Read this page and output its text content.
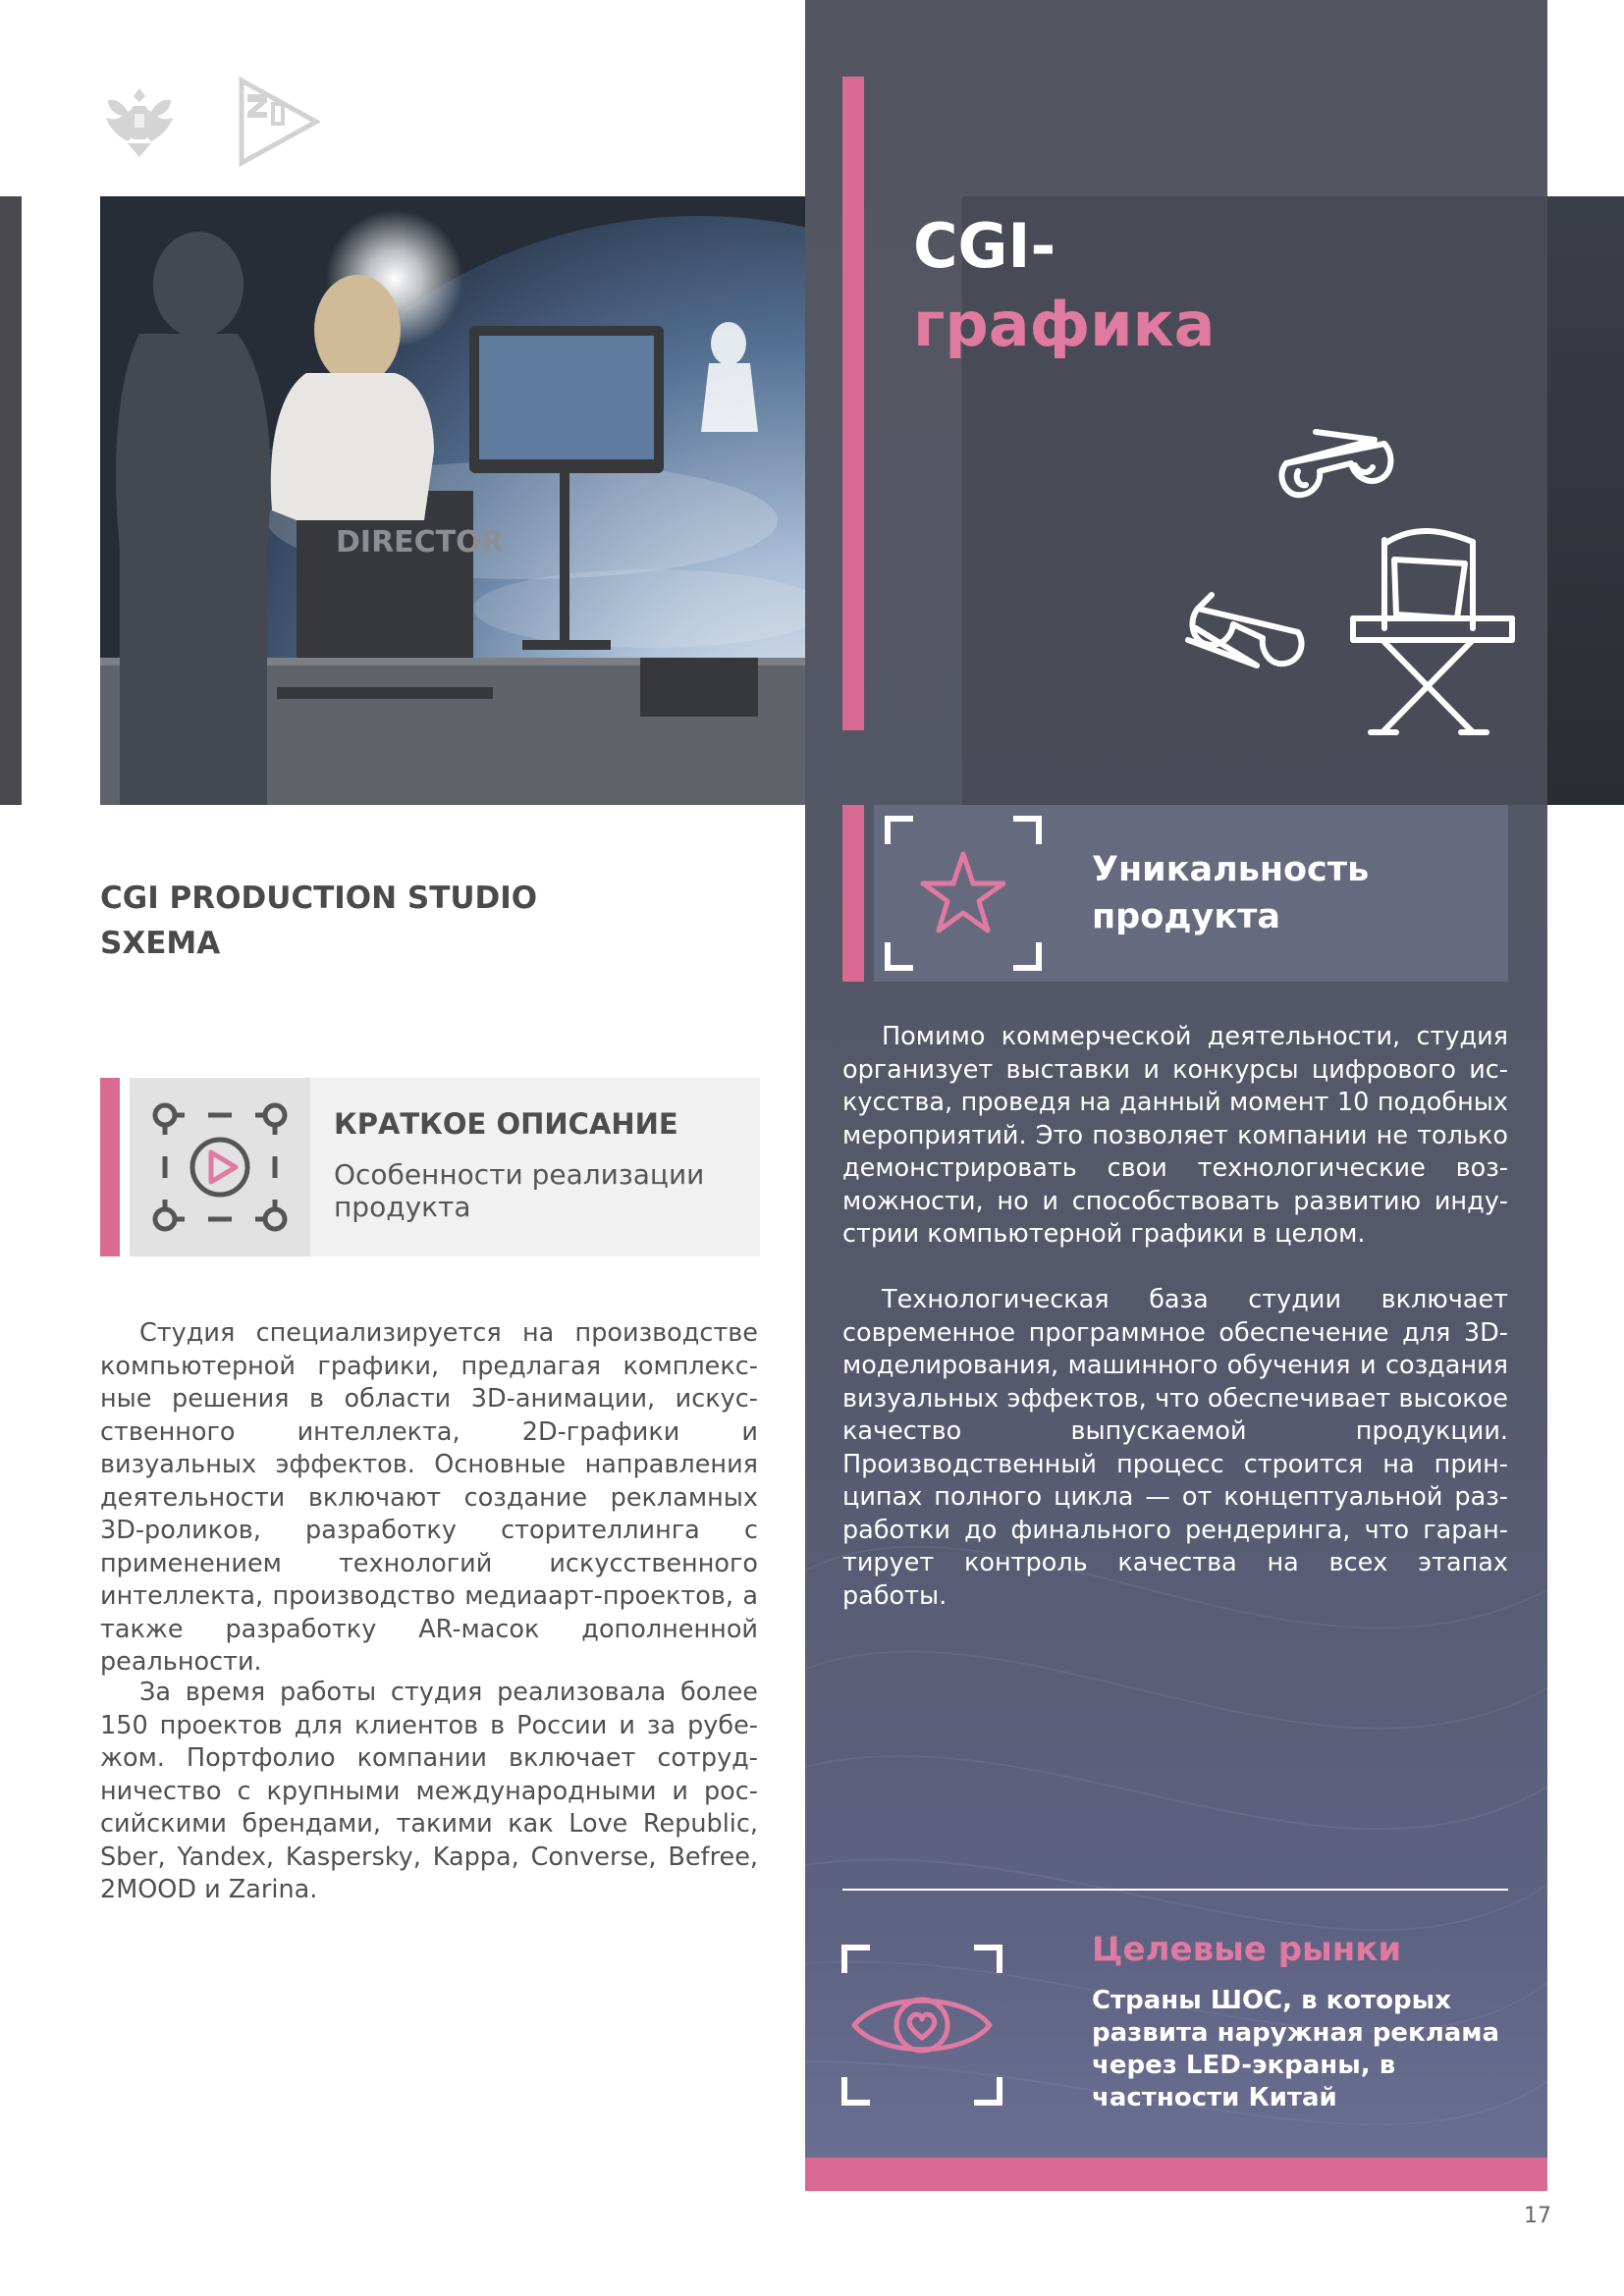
DIRECTOR
CGI-
графика
Уникальность продукта

Помимо коммерческой деятельности, студия организует выставки и конкурсы цифрового искусства, проведя на данный момент 10 подобных мероприятий. Это позволяет компании не только демонстрировать свои технологические возможности, но и способствовать развитию индустрии компьютерной графики в целом.

Технологическая база студии включает современное программное обеспечение для 3D-моделирования, машинного обучения и создания визуальных эффектов, что обеспечивает высокое качество выпускаемой продукции. Производственный процесс строится на принципах полного цикла — от концептуальной разработки до финального рендеринга, что гарантирует контроль качества на всех этапах работы.

Целевые рынки
Страны ШОС, в которых развита наружная реклама через LED-экраны, в частности Китай
CGI PRODUCTION STUDIO
SXEMA
КРАТКОЕ ОПИСАНИЕ
Особенности реализации продукта

Студия специализируется на производстве компьютерной графики, предлагая комплексные решения в области 3D-анимации, искусственного интеллекта, 2D-графики и визуальных эффектов. Основные направления деятельности включают создание рекламных 3D-роликов, разработку сторителлинга с применением технологий искусственного интеллекта, производство медиаарт-проектов, а также разработку AR-масок дополненной реальности.

За время работы студия реализовала более 150 проектов для клиентов в России и за рубежом. Портфолио компании включает сотрудничество с крупными международными и российскими брендами, такими как Love Republic, Sber, Yandex, Kaspersky, Kappa, Converse, Befree, 2MOOD и Zarina.

17
